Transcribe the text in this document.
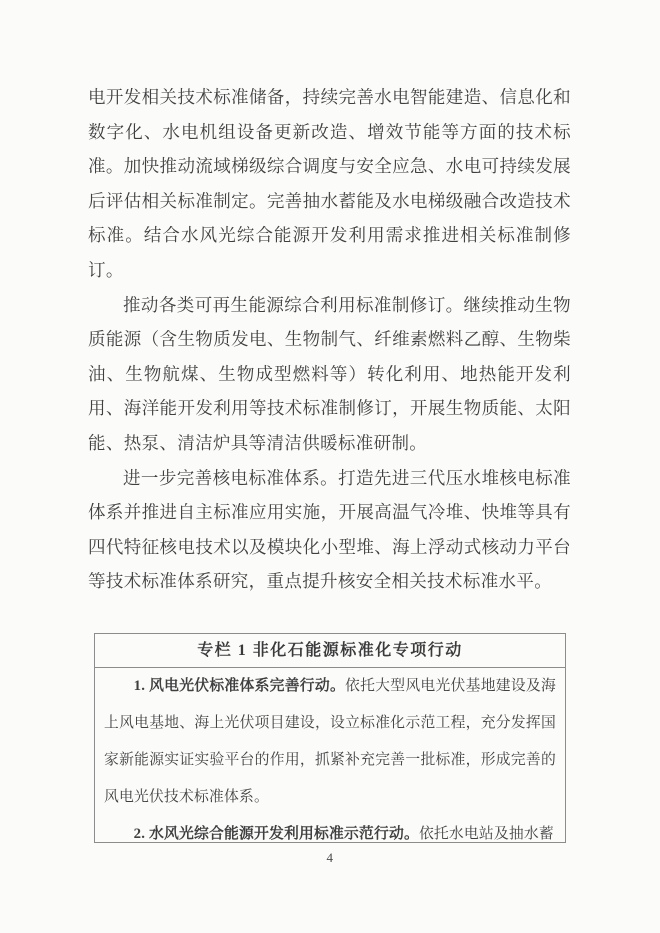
电开发相关技术标准储备，持续完善水电智能建造、信息化和数字化、水电机组设备更新改造、增效节能等方面的技术标准。加快推动流域梯级综合调度与安全应急、水电可持续发展后评估相关标准制定。完善抽水蓄能及水电梯级融合改造技术标准。结合水风光综合能源开发利用需求推进相关标准制修订。

推动各类可再生能源综合利用标准制修订。继续推动生物质能源（含生物质发电、生物制气、纤维素燃料乙醇、生物柴油、生物航煤、生物成型燃料等）转化利用、地热能开发利用、海洋能开发利用等技术标准制修订，开展生物质能、太阳能、热泵、清洁炉具等清洁供暖标准研制。

进一步完善核电标准体系。打造先进三代压水堆核电标准体系并推进自主标准应用实施，开展高温气冷堆、快堆等具有四代特征核电技术以及模块化小型堆、海上浮动式核动力平台等技术标准体系研究，重点提升核安全相关技术标准水平。

专栏 1 非化石能源标准化专项行动

1. 风电光伏标准体系完善行动。依托大型风电光伏基地建设及海上风电基地、海上光伏项目建设，设立标准化示范工程，充分发挥国家新能源实证实验平台的作用，抓紧补充完善一批标准，形成完善的风电光伏技术标准体系。

2. 水风光综合能源开发利用标准示范行动。依托水电站及抽水蓄

4
